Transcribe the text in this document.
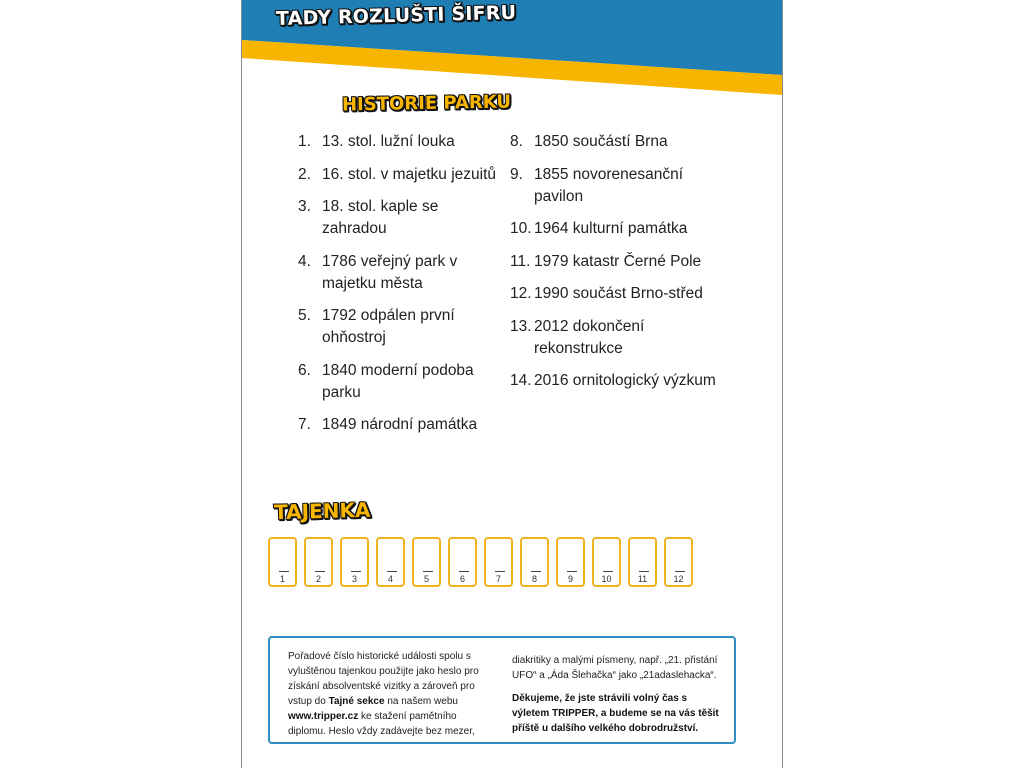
TADY ROZLUŠTI ŠIFRU
HISTORIE PARKU
1. 13. stol. lužní louka
2. 16. stol. v majetku jezuitů
3. 18. stol. kaple se zahradou
4. 1786 veřejný park v majetku města
5. 1792 odpálen první ohňostroj
6. 1840 moderní podoba parku
7. 1849 národní památka
8. 1850 součástí Brna
9. 1855 novorenesanční pavilon
10. 1964 kulturní památka
11. 1979 katastr Černé Pole
12. 1990 součást Brno-střed
13. 2012 dokončení rekonstrukce
14. 2016 ornitologický výzkum
TAJENKA
1	2	3	4	5	6	7	8	9	10	11	12
Pořadové číslo historické události spolu s vyluštěnou tajenkou použijte jako heslo pro získání absolventské vizitky a zároveň pro vstup do Tajné sekce na našem webu www.tripper.cz ke stažení pamětního diplomu. Heslo vždy zadávejte bez mezer,

diakritiky a malými písmeny, např. „21. přistání UFO“ a „Áda Šlehačka“ jako „21adaslehacka“.

Děkujeme, že jste strávili volný čas s výletem TRIPPER, a budeme se na vás těšit příště u dalšího velkého dobrodružství.
